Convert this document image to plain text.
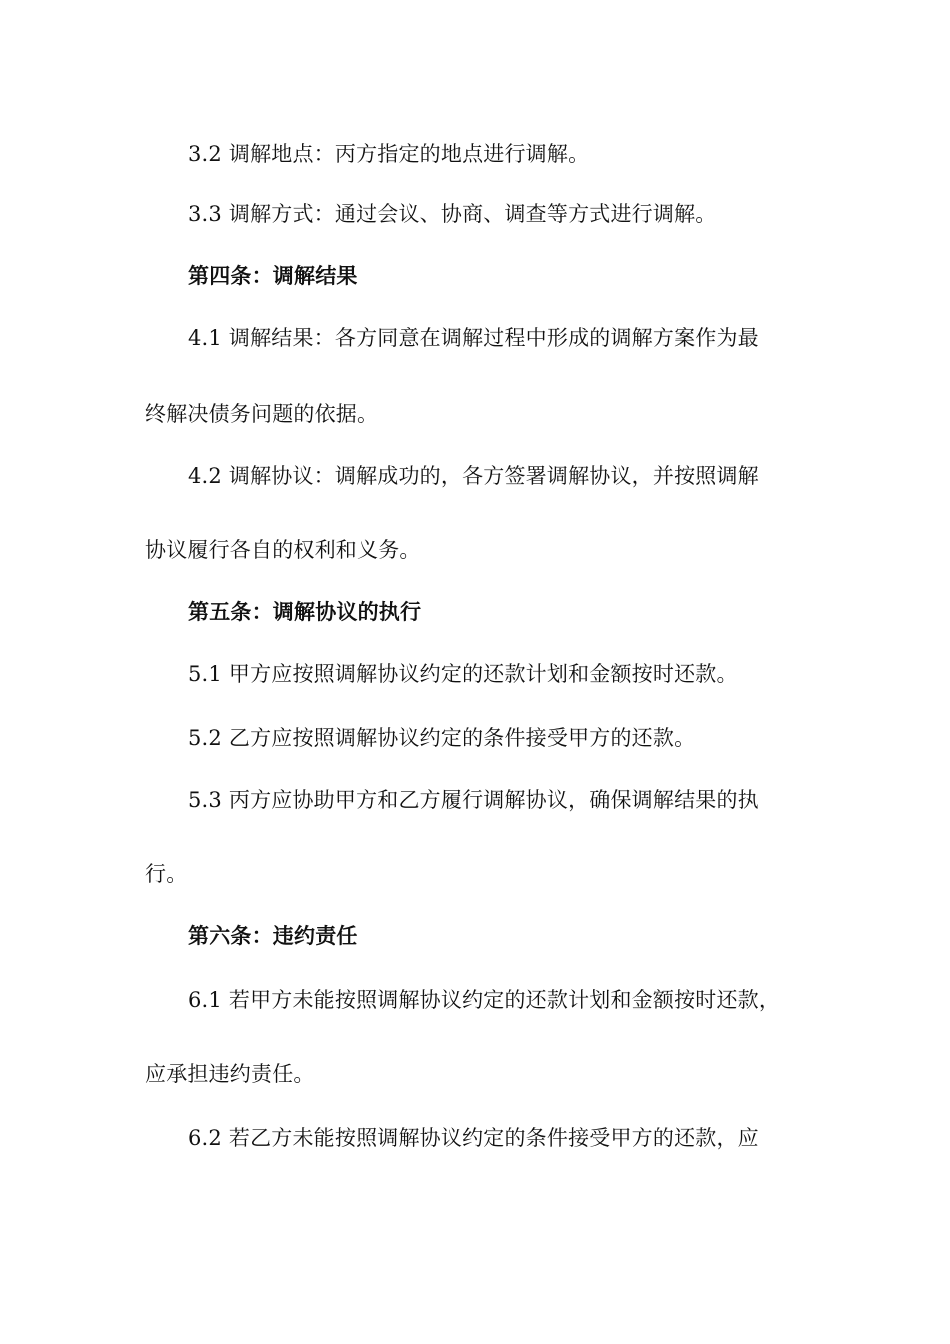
3.2 调解地点：丙方指定的地点进行调解。
3.3 调解方式：通过会议、协商、调查等方式进行调解。
第四条：调解结果
4.1 调解结果：各方同意在调解过程中形成的调解方案作为最
终解决债务问题的依据。
4.2 调解协议：调解成功的，各方签署调解协议，并按照调解
协议履行各自的权利和义务。
第五条：调解协议的执行
5.1 甲方应按照调解协议约定的还款计划和金额按时还款。
5.2 乙方应按照调解协议约定的条件接受甲方的还款。
5.3 丙方应协助甲方和乙方履行调解协议，确保调解结果的执
行。
第六条：违约责任
6.1 若甲方未能按照调解协议约定的还款计划和金额按时还款，
应承担违约责任。
6.2 若乙方未能按照调解协议约定的条件接受甲方的还款，应
